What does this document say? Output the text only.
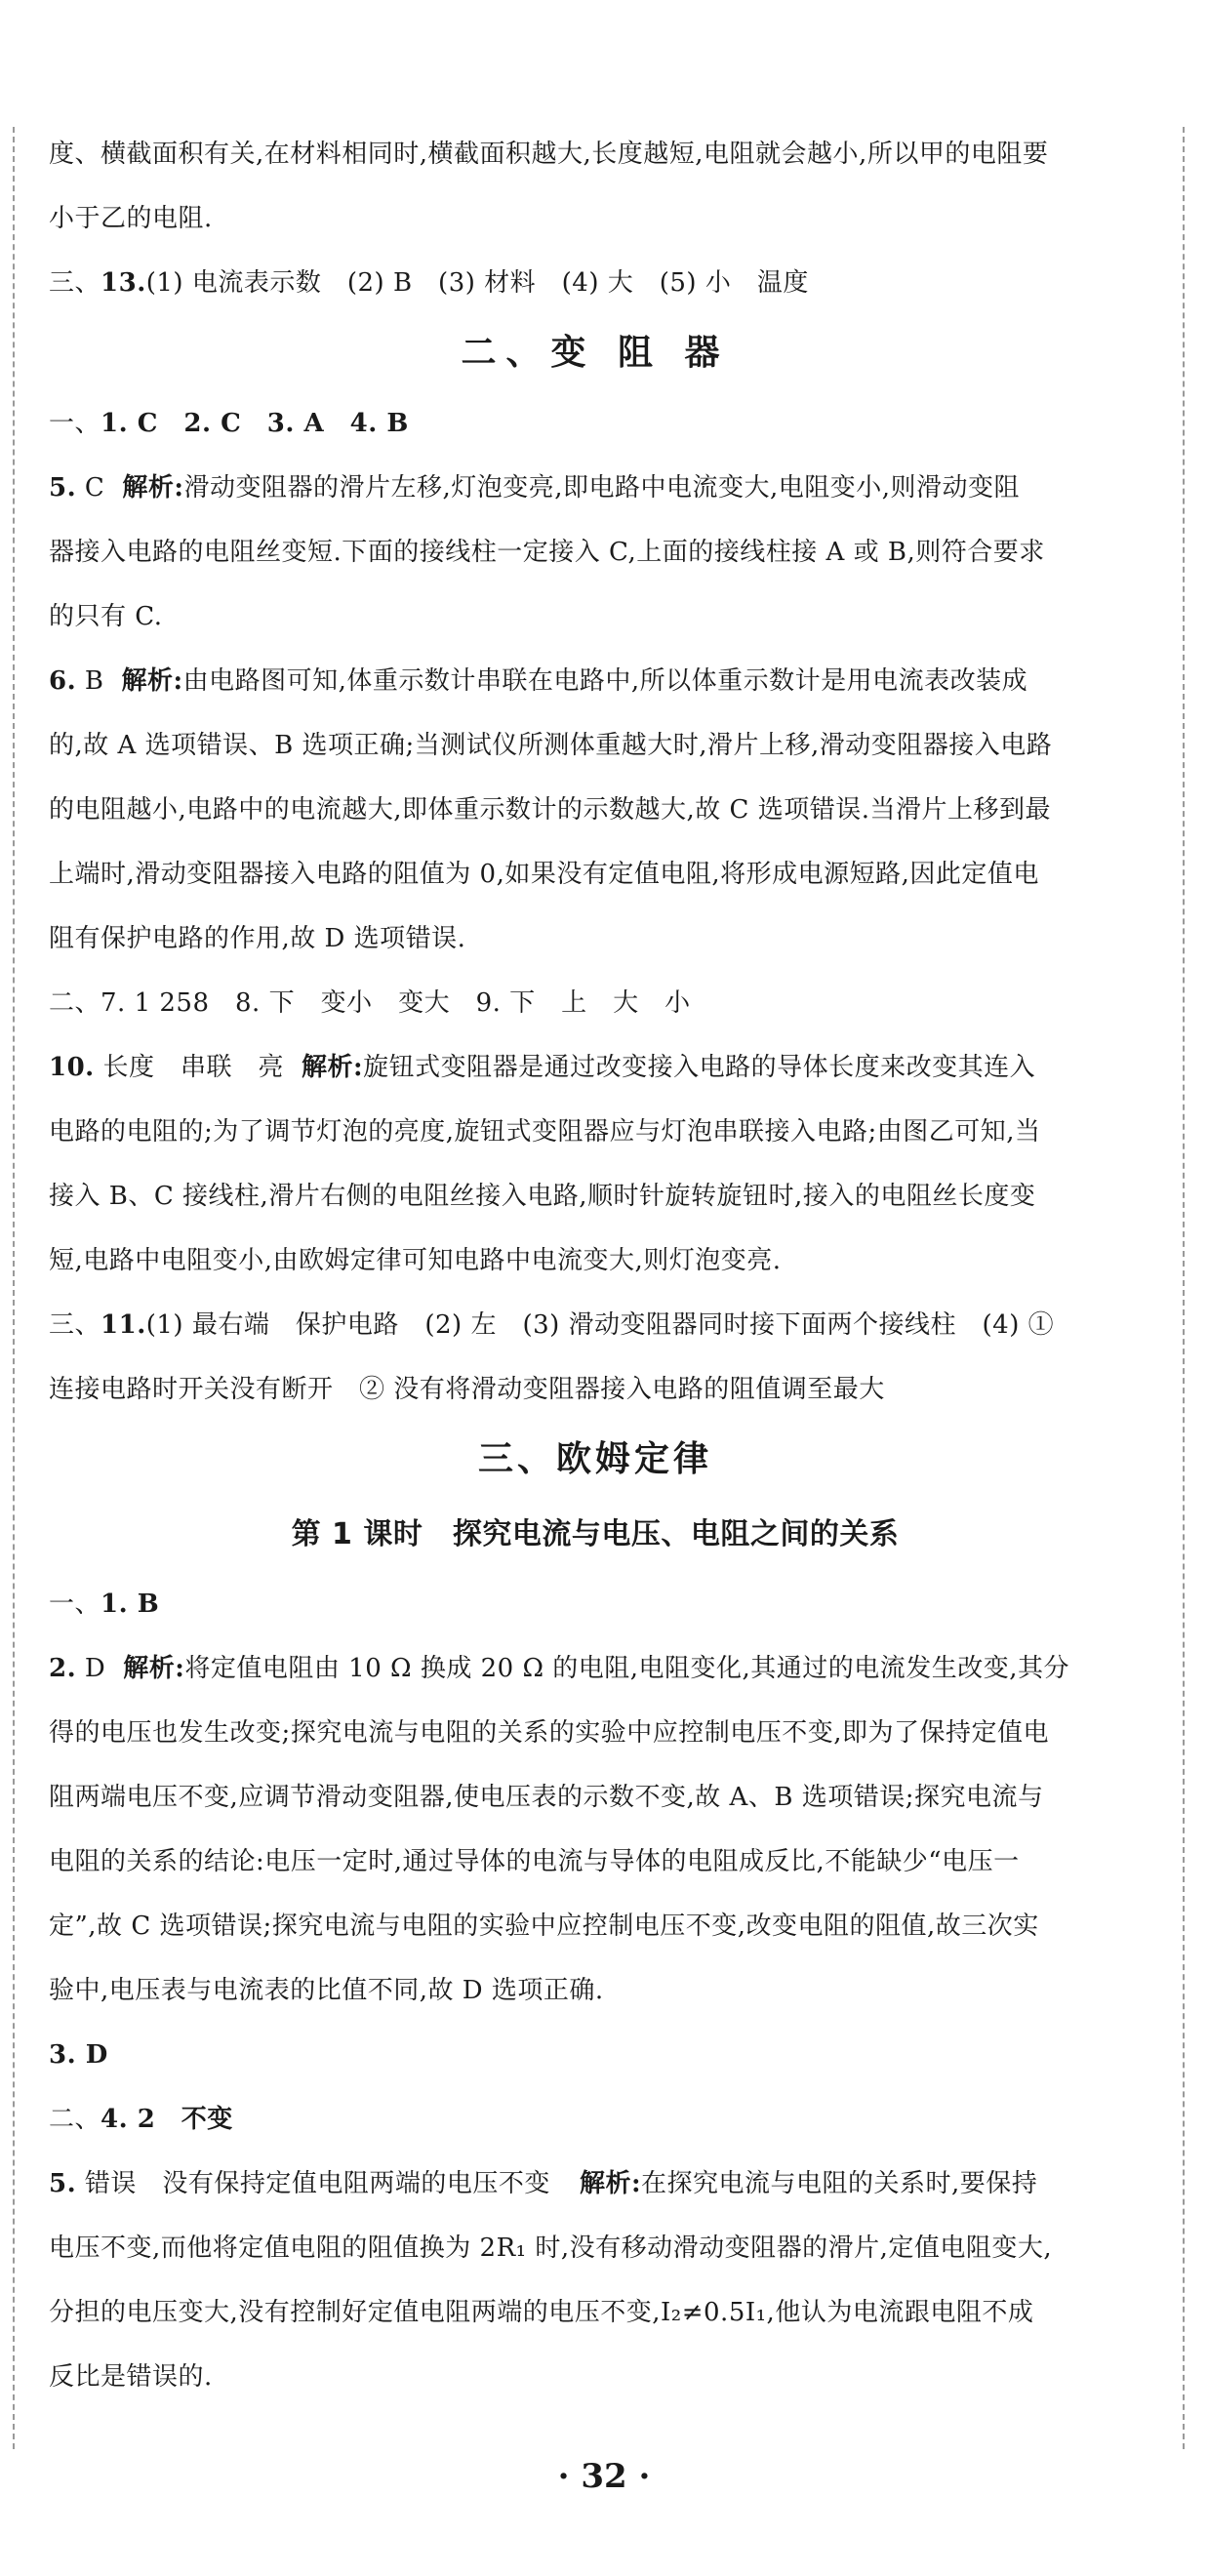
度、横截面积有关,在材料相同时,横截面积越大,长度越短,电阻就会越小,所以甲的电阻要

小于乙的电阻.

三、13.(1) 电流表示数　(2) B　(3) 材料　(4) 大　(5) 小　温度

二、变 阻 器

一、1. C　2. C　3. A　4. B

5. C 解析:滑动变阻器的滑片左移,灯泡变亮,即电路中电流变大,电阻变小,则滑动变阻

器接入电路的电阻丝变短.下面的接线柱一定接入 C,上面的接线柱接 A 或 B,则符合要求

的只有 C.

6. B 解析:由电路图可知,体重示数计串联在电路中,所以体重示数计是用电流表改装成

的,故 A 选项错误、B 选项正确;当测试仪所测体重越大时,滑片上移,滑动变阻器接入电路

的电阻越小,电路中的电流越大,即体重示数计的示数越大,故 C 选项错误.当滑片上移到最

上端时,滑动变阻器接入电路的阻值为 0,如果没有定值电阻,将形成电源短路,因此定值电

阻有保护电路的作用,故 D 选项错误.

二、7. 1 258　8. 下　变小　变大　9. 下　上　大　小

10. 长度　串联　亮 解析:旋钮式变阻器是通过改变接入电路的导体长度来改变其连入

电路的电阻的;为了调节灯泡的亮度,旋钮式变阻器应与灯泡串联接入电路;由图乙可知,当

接入 B、C 接线柱,滑片右侧的电阻丝接入电路,顺时针旋转旋钮时,接入的电阻丝长度变

短,电路中电阻变小,由欧姆定律可知电路中电流变大,则灯泡变亮.

三、11.(1) 最右端　保护电路　(2) 左　(3) 滑动变阻器同时接下面两个接线柱　(4) ①

连接电路时开关没有断开　② 没有将滑动变阻器接入电路的阻值调至最大

三、欧姆定律
第 1 课时　探究电流与电压、电阻之间的关系

一、1. B

2. D 解析:将定值电阻由 10 Ω 换成 20 Ω 的电阻,电阻变化,其通过的电流发生改变,其分

得的电压也发生改变;探究电流与电阻的关系的实验中应控制电压不变,即为了保持定值电

阻两端电压不变,应调节滑动变阻器,使电压表的示数不变,故 A、B 选项错误;探究电流与

电阻的关系的结论:电压一定时,通过导体的电流与导体的电阻成反比,不能缺少“电压一

定”,故 C 选项错误;探究电流与电阻的实验中应控制电压不变,改变电阻的阻值,故三次实

验中,电压表与电流表的比值不同,故 D 选项正确.

3. D

二、4. 2　不变

5. 错误　没有保持定值电阻两端的电压不变 解析:在探究电流与电阻的关系时,要保持

电压不变,而他将定值电阻的阻值换为 2R₁ 时,没有移动滑动变阻器的滑片,定值电阻变大,

分担的电压变大,没有控制好定值电阻两端的电压不变,I₂≠0.5I₁,他认为电流跟电阻不成

反比是错误的.

· 32 ·
